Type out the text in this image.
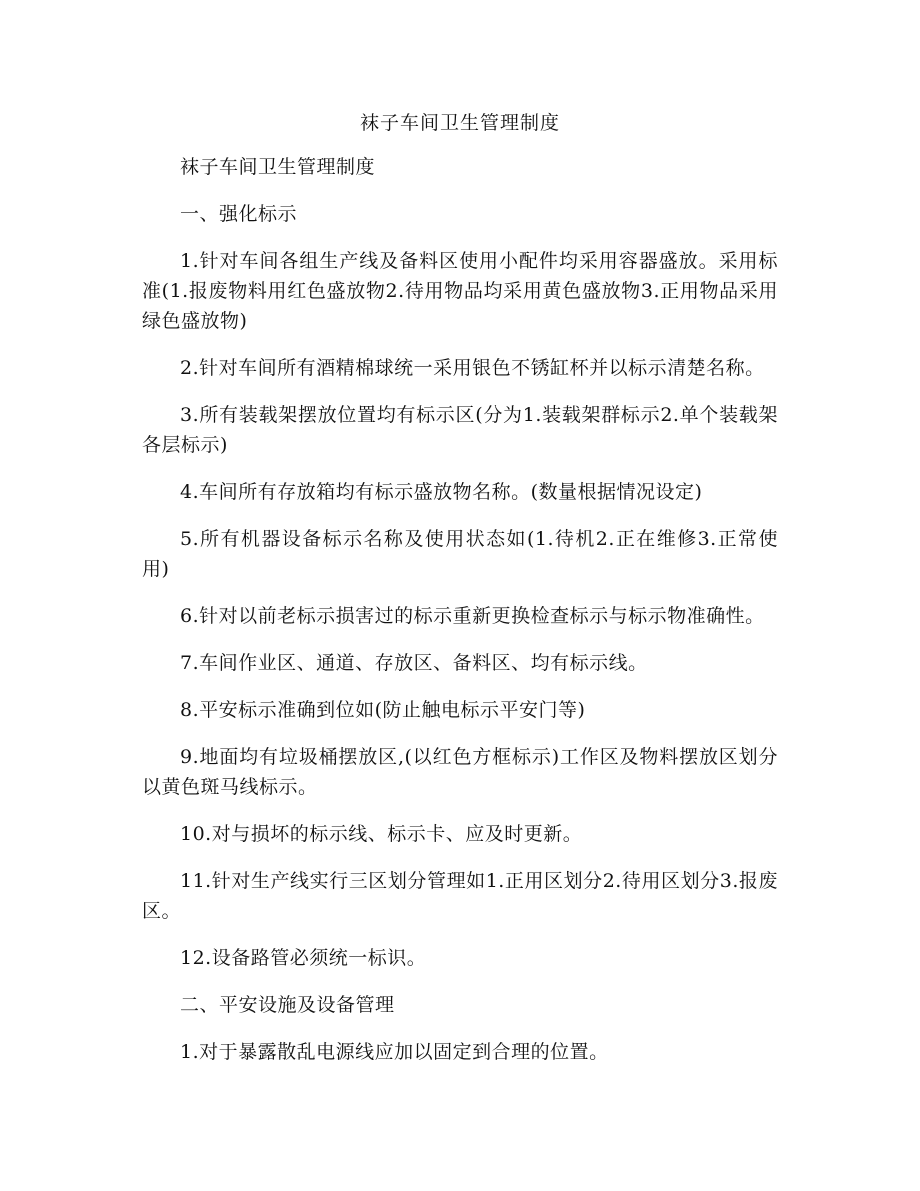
袜子车间卫生管理制度

袜子车间卫生管理制度

一、强化标示

1.针对车间各组生产线及备料区使用小配件均采用容器盛放。采用标准(1.报废物料用红色盛放物2.待用物品均采用黄色盛放物3.正用物品采用绿色盛放物)

2.针对车间所有酒精棉球统一采用银色不锈缸杯并以标示清楚名称。

3.所有装载架摆放位置均有标示区(分为1.装载架群标示2.单个装载架各层标示)

4.车间所有存放箱均有标示盛放物名称。(数量根据情况设定)

5.所有机器设备标示名称及使用状态如(1.待机2.正在维修3.正常使用)

6.针对以前老标示损害过的标示重新更换检查标示与标示物准确性。

7.车间作业区、通道、存放区、备料区、均有标示线。

8.平安标示准确到位如(防止触电标示平安门等)

9.地面均有垃圾桶摆放区,(以红色方框标示)工作区及物料摆放区划分以黄色斑马线标示。

10.对与损坏的标示线、标示卡、应及时更新。

11.针对生产线实行三区划分管理如1.正用区划分2.待用区划分3.报废区。

12.设备路管必须统一标识。

二、平安设施及设备管理

1.对于暴露散乱电源线应加以固定到合理的位置。
